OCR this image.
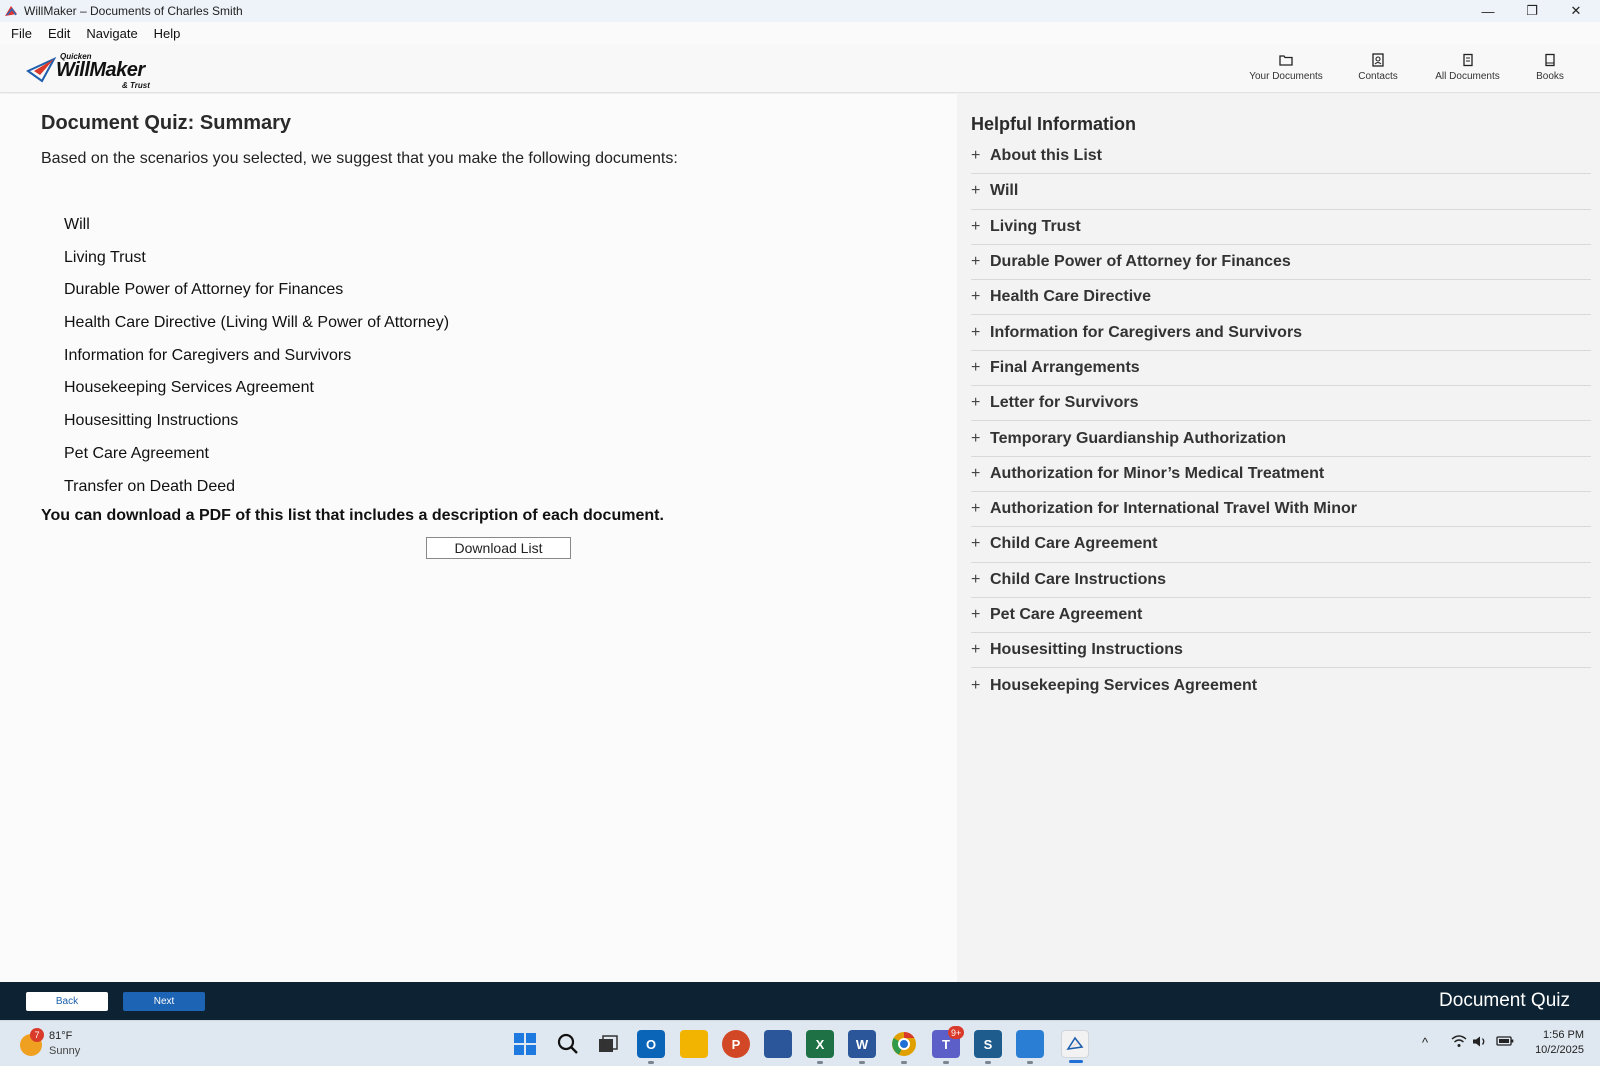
WillMaker – Documents of Charles Smith	—	❐	✕
File Edit Navigate Help
Quicken
WillMaker
& Trust
Your Documents	Contacts	All Documents	Books
Document Quiz: Summary

Based on the scenarios you selected, we suggest that you make the following documents:

Will
Living Trust
Durable Power of Attorney for Finances
Health Care Directive (Living Will & Power of Attorney)
Information for Caregivers and Survivors
Housekeeping Services Agreement
Housesitting Instructions
Pet Care Agreement
Transfer on Death Deed

You can download a PDF of this list that includes a description of each document.

Download List
Helpful Information
+ About this List
+ Will
+ Living Trust
+ Durable Power of Attorney for Finances
+ Health Care Directive
+ Information for Caregivers and Survivors
+ Final Arrangements
+ Letter for Survivors
+ Temporary Guardianship Authorization
+ Authorization for Minor’s Medical Treatment
+ Authorization for International Travel With Minor
+ Child Care Agreement
+ Child Care Instructions
+ Pet Care Agreement
+ Housesitting Instructions
+ Housekeeping Services Agreement
Back	Next	Document Quiz
7 81°F
Sunny	O	P	X W	T
9+
S	^	1:56 PM
10/2/2025
